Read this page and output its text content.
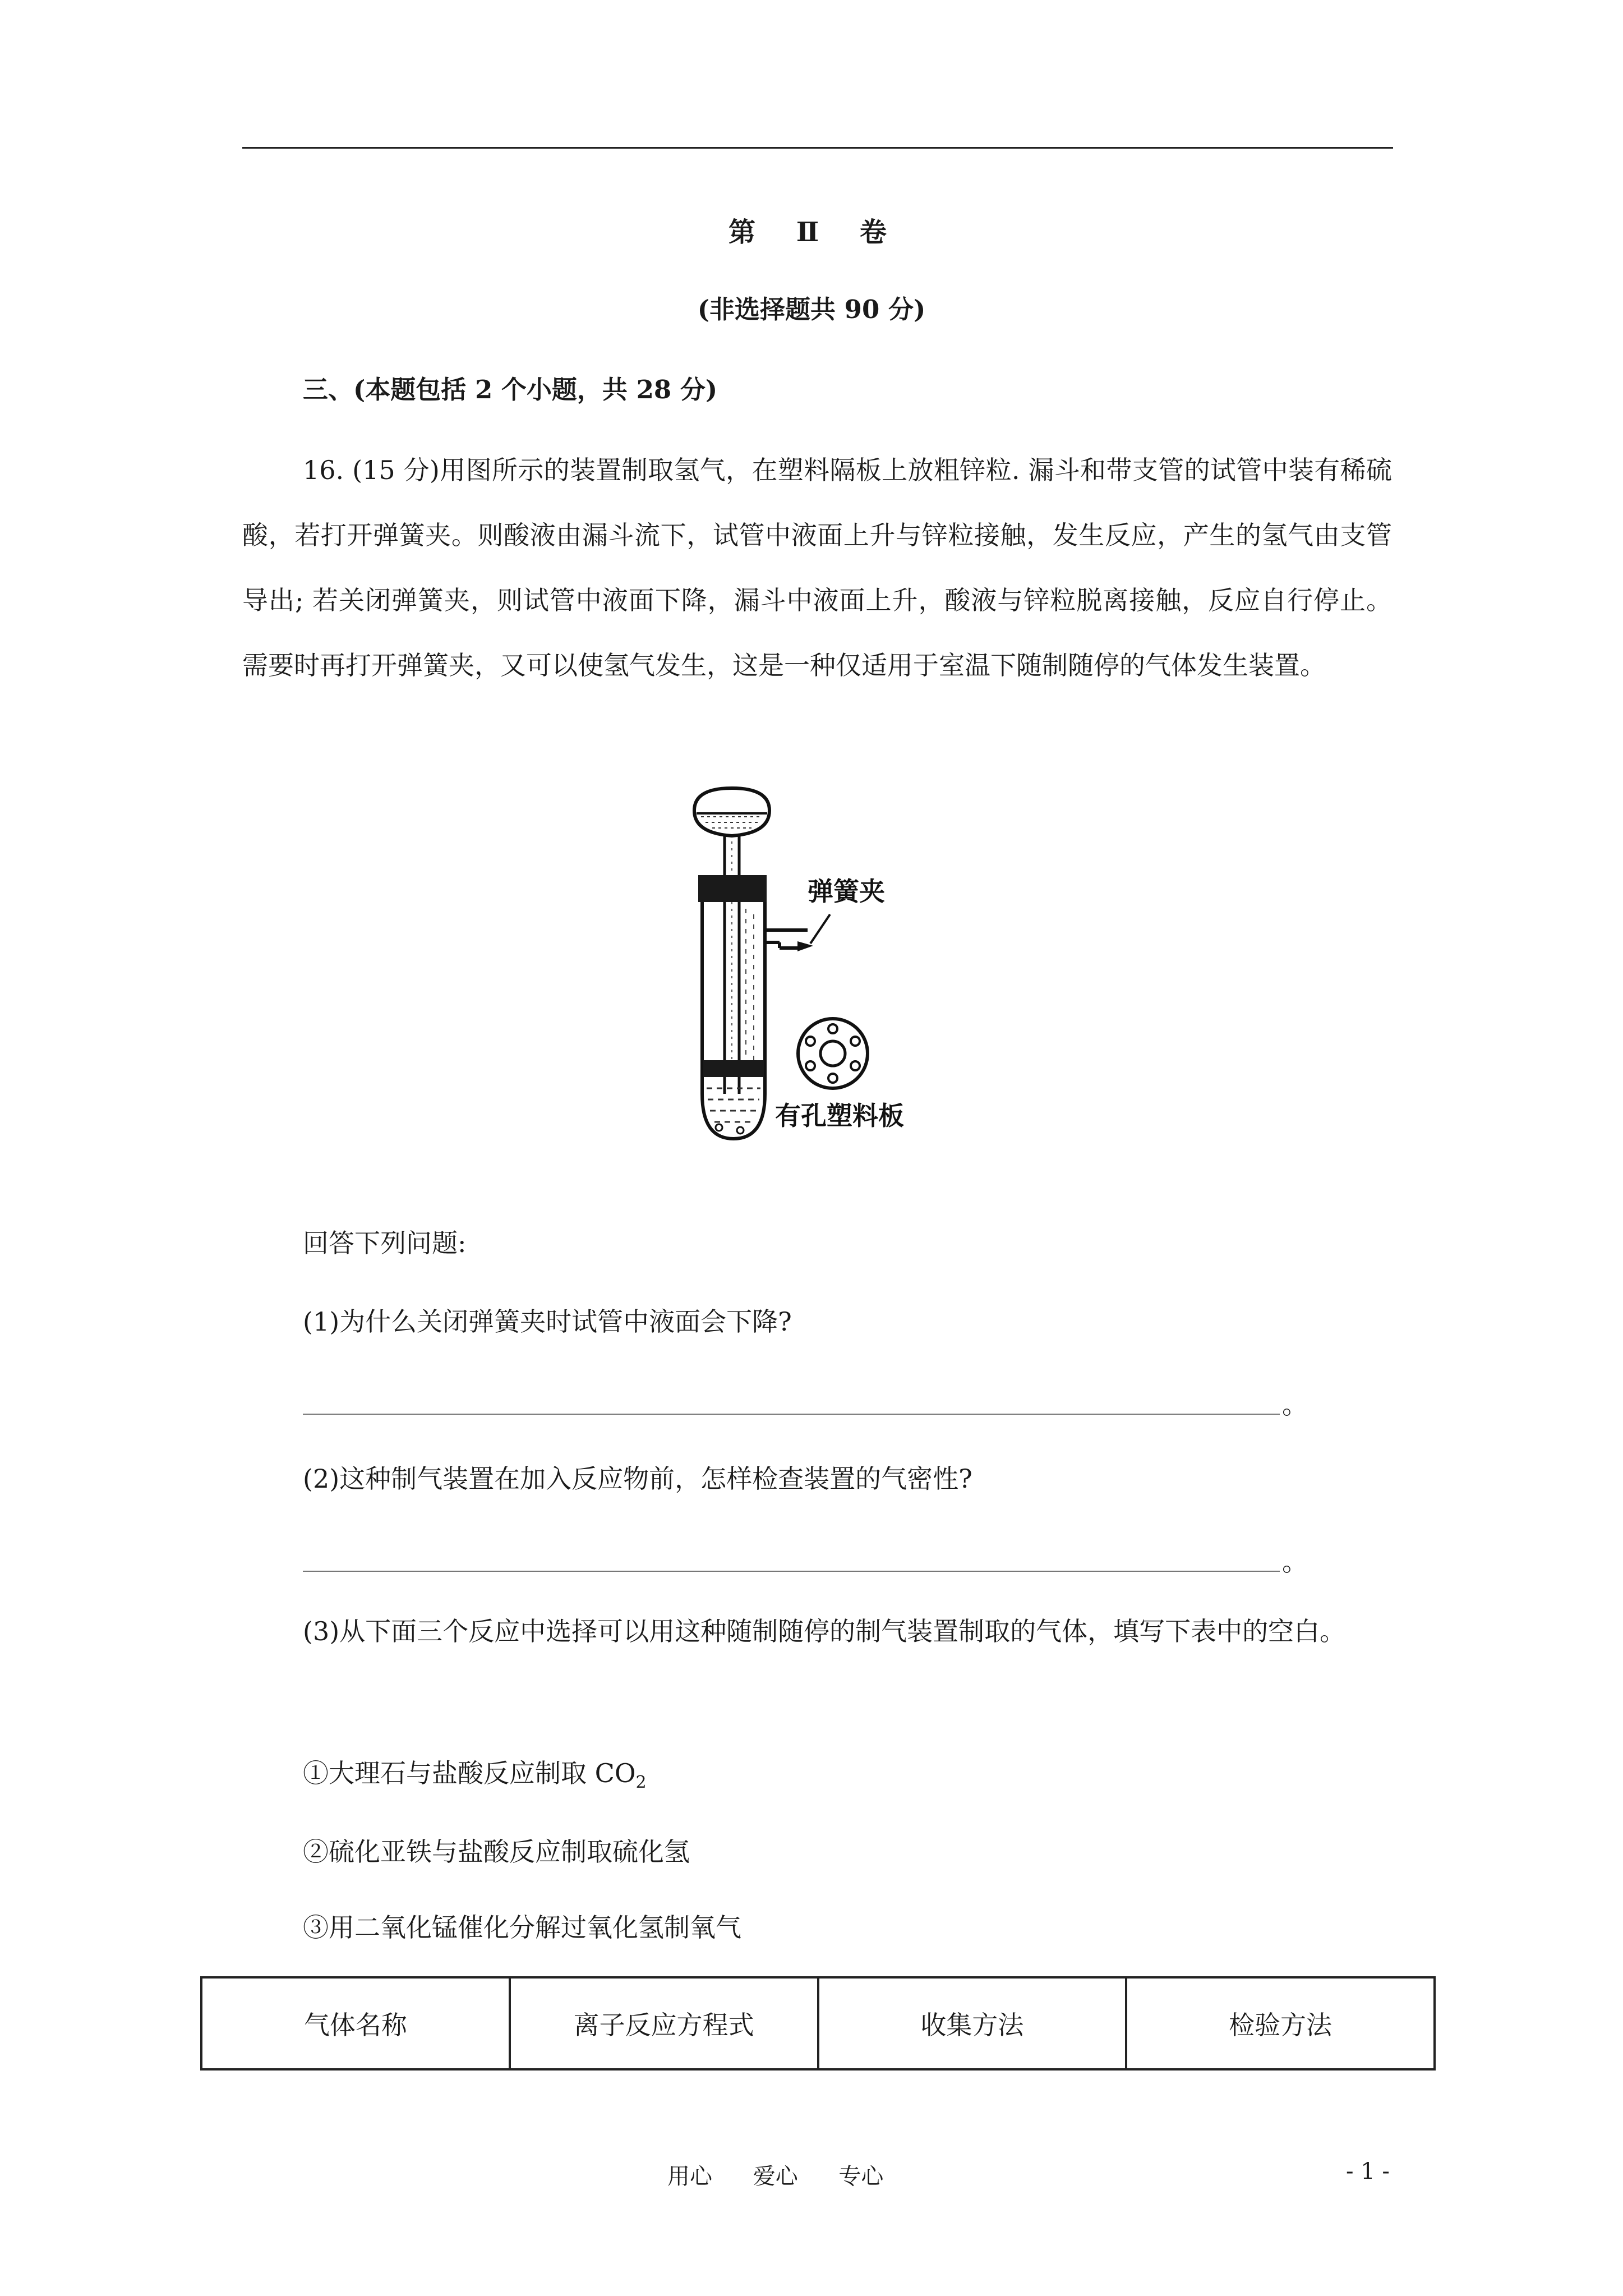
第 Ⅱ 卷
(非选择题共 90 分)
三、(本题包括 2 个小题，共 28 分)
16. (15 分)用图所示的装置制取氢气，在塑料隔板上放粗锌粒. 漏斗和带支管的试管中装有稀硫酸，若打开弹簧夹。则酸液由漏斗流下，试管中液面上升与锌粒接触，发生反应，产生的氢气由支管导出; 若关闭弹簧夹，则试管中液面下降，漏斗中液面上升，酸液与锌粒脱离接触，反应自行停止。需要时再打开弹簧夹，又可以使氢气发生，这是一种仅适用于室温下随制随停的气体发生装置。
弹簧夹
有孔塑料板
回答下列问题:
(1)为什么关闭弹簧夹时试管中液面会下降?
。
(2)这种制气装置在加入反应物前，怎样检查装置的气密性?
。
(3)从下面三个反应中选择可以用这种随制随停的制气装置制取的气体，填写下表中的空白。
①大理石与盐酸反应制取 $CO_2$
②硫化亚铁与盐酸反应制取硫化氢
③用二氧化锰催化分解过氧化氢制氧气
气体名称	离子反应方程式	收集方法	检验方法
用心 爱心 专心	- 1 -
